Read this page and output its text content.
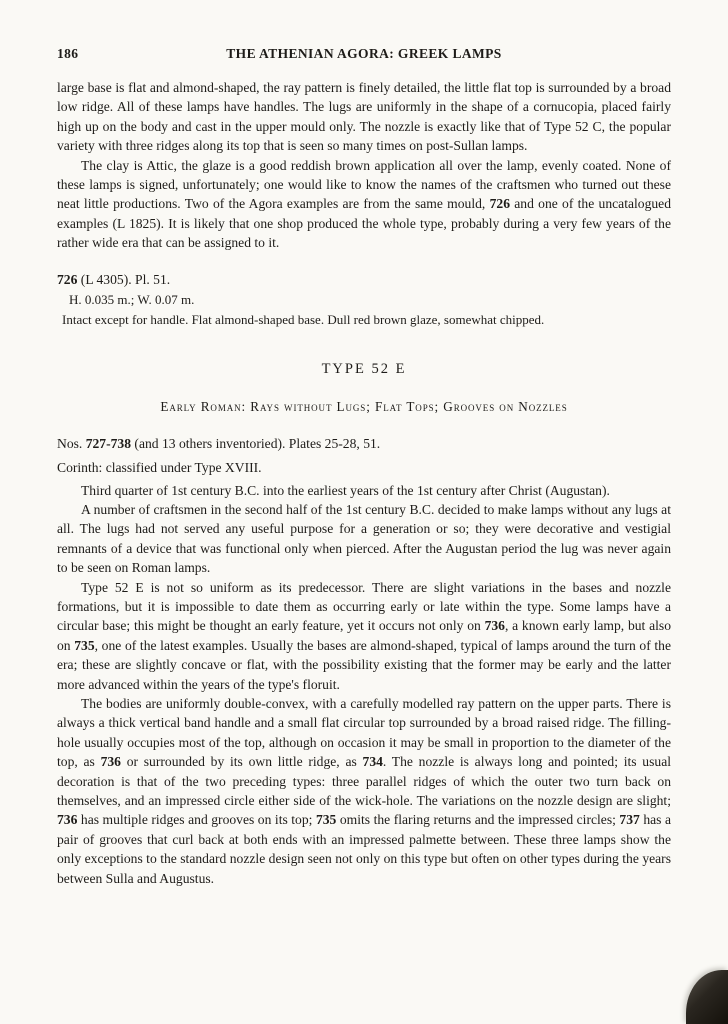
186	THE ATHENIAN AGORA: GREEK LAMPS

large base is flat and almond-shaped, the ray pattern is finely detailed, the little flat top is surrounded by a broad low ridge. All of these lamps have handles. The lugs are uniformly in the shape of a cornucopia, placed fairly high up on the body and cast in the upper mould only. The nozzle is exactly like that of Type 52 C, the popular variety with three ridges along its top that is seen so many times on post-Sullan lamps.

The clay is Attic, the glaze is a good reddish brown application all over the lamp, evenly coated. None of these lamps is signed, unfortunately; one would like to know the names of the craftsmen who turned out these neat little productions. Two of the Agora examples are from the same mould, 726 and one of the uncatalogued examples (L 1825). It is likely that one shop produced the whole type, probably during a very few years of the rather wide era that can be assigned to it.

726 (L 4305). Pl. 51.

H. 0.035 m.; W. 0.07 m.

Intact except for handle. Flat almond-shaped base. Dull red brown glaze, somewhat chipped.

TYPE 52 E
Early Roman: Rays without Lugs; Flat Tops; Grooves on Nozzles

Nos. 727-738 (and 13 others inventoried). Plates 25-28, 51.

Corinth: classified under Type XVIII.

Third quarter of 1st century B.C. into the earliest years of the 1st century after Christ (Augustan).

A number of craftsmen in the second half of the 1st century B.C. decided to make lamps without any lugs at all. The lugs had not served any useful purpose for a generation or so; they were decorative and vestigial remnants of a device that was functional only when pierced. After the Augustan period the lug was never again to be seen on Roman lamps.

Type 52 E is not so uniform as its predecessor. There are slight variations in the bases and nozzle formations, but it is impossible to date them as occurring early or late within the type. Some lamps have a circular base; this might be thought an early feature, yet it occurs not only on 736, a known early lamp, but also on 735, one of the latest examples. Usually the bases are almond-shaped, typical of lamps around the turn of the era; these are slightly concave or flat, with the possibility existing that the former may be early and the latter more advanced within the years of the type's floruit.

The bodies are uniformly double-convex, with a carefully modelled ray pattern on the upper parts. There is always a thick vertical band handle and a small flat circular top surrounded by a broad raised ridge. The filling-hole usually occupies most of the top, although on occasion it may be small in proportion to the diameter of the top, as 736 or surrounded by its own little ridge, as 734. The nozzle is always long and pointed; its usual decoration is that of the two preceding types: three parallel ridges of which the outer two turn back on themselves, and an impressed circle either side of the wick-hole. The variations on the nozzle design are slight; 736 has multiple ridges and grooves on its top; 735 omits the flaring returns and the impressed circles; 737 has a pair of grooves that curl back at both ends with an impressed palmette between. These three lamps show the only exceptions to the standard nozzle design seen not only on this type but often on other types during the years between Sulla and Augustus.
